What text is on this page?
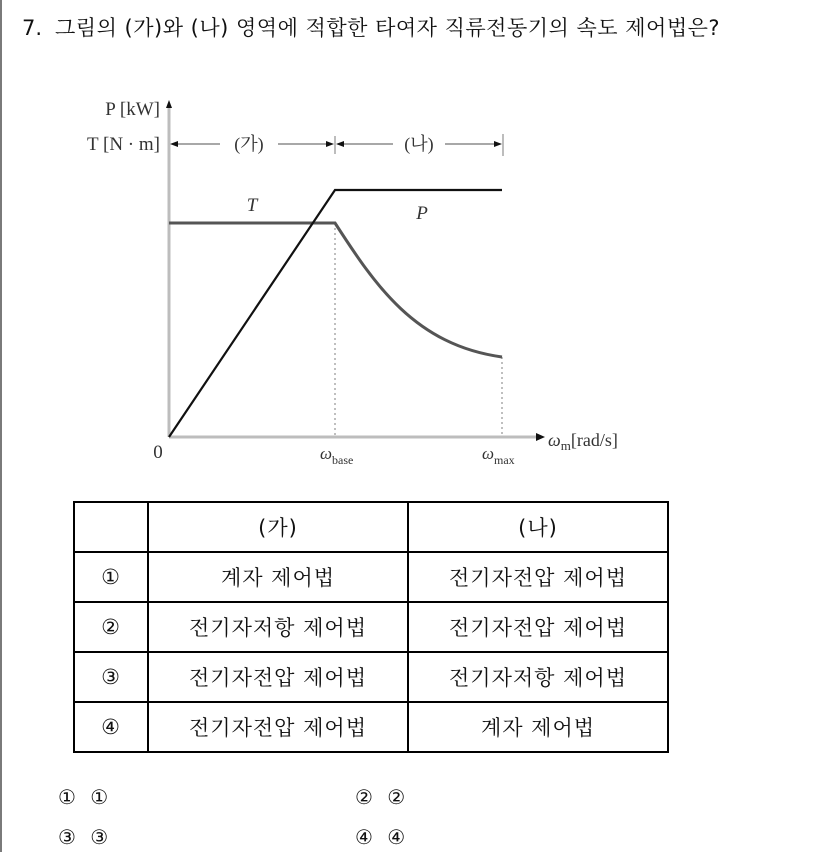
7. 그림의 (가)와 (나) 영역에 적합한 타여자 직류전동기의 속도 제어법은?
P [kW]
T [N · m]	(가)	(나)
T	P
0	$\omega_{base}$	$\omega_{max}$
$\omega_m[rad/s]$
	(가)	(나)
①	계자 제어법	전기자전압 제어법
②	전기자저항 제어법	전기자전압 제어법
③	전기자전압 제어법	전기자저항 제어법
④	전기자전압 제어법	계자 제어법
① ①	② ②
③ ③	④ ④
